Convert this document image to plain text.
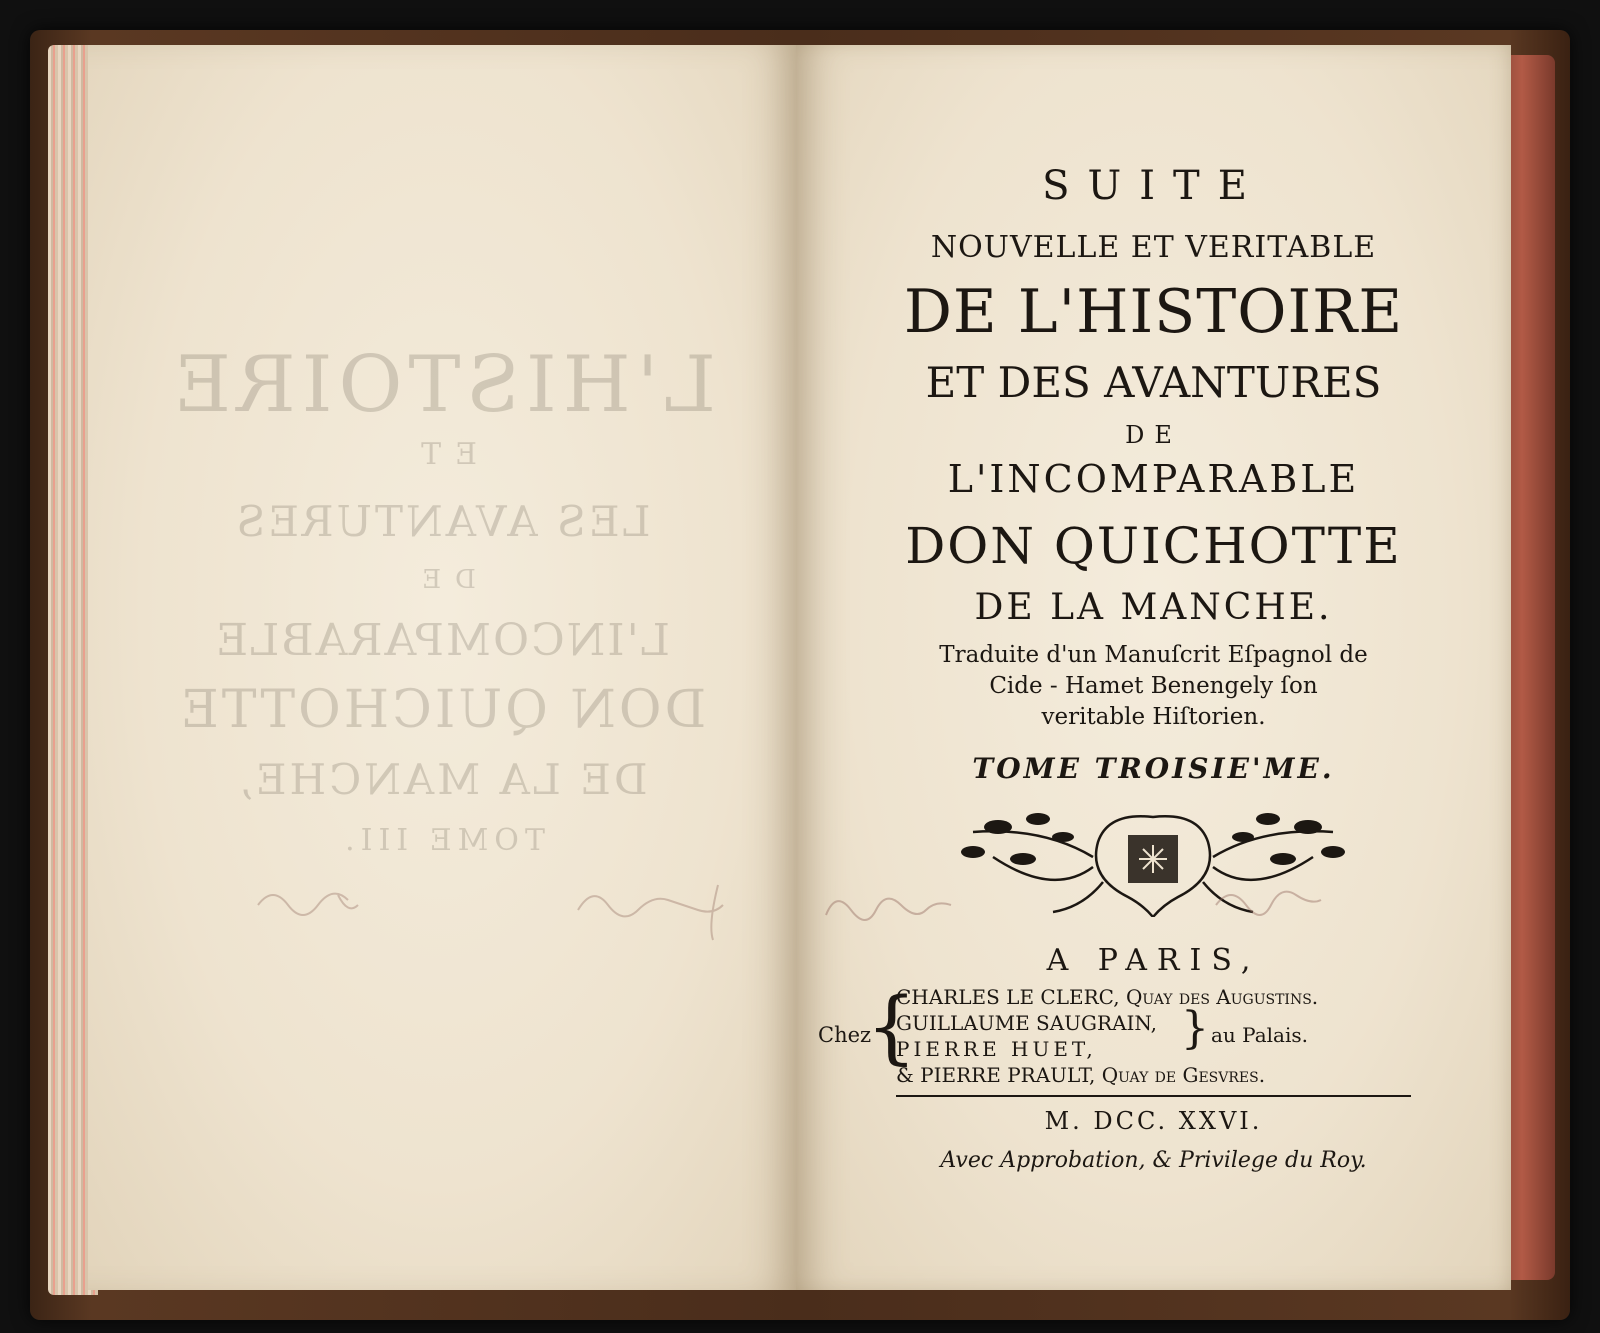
L'HISTOIRE
ET
LES AVANTURES
DE
L'INCOMPARABLE
DON QUICHOTTE
DE LA MANCHE,
TOME III.
SUITE
NOUVELLE ET VERITABLE
DE L'HISTOIRE
ET DES AVANTURES
DE
L'INCOMPARABLE
DON QUICHOTTE
DE LA MANCHE.
Traduite d'un Manuſcrit Eſpagnol de
Cide - Hamet Benengely ſon
veritable Hiſtorien.
TOME TROISIE'ME.
A PARIS,
Chez
{
CHARLES LE CLERC, Quay des Auguſtins.
GUILLAUME SAUGRAIN,
PIERRE HUET,
& PIERRE PRAULT, Quay de Geſvres.
} au Palais.
M. DCC. XXVI.
Avec Approbation, & Privilege du Roy.
